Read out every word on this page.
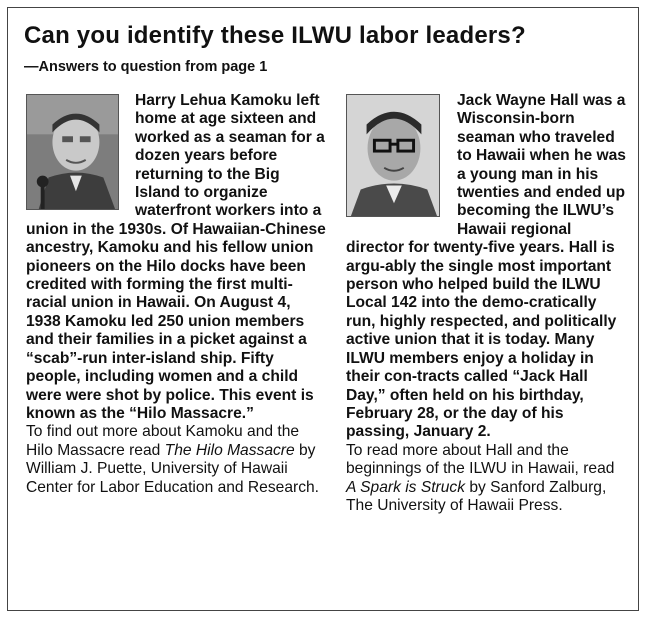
Can you identify these ILWU labor leaders?

—Answers to question from page 1

Harry Lehua Kamoku left home at age sixteen and worked as a seaman for a dozen years before returning to the Big Island to organize waterfront workers into a union in the 1930s. Of Hawaiian-Chinese ancestry, Kamoku and his fellow union pioneers on the Hilo docks have been credited with forming the first multi-racial union in Hawaii. On August 4, 1938 Kamoku led 250 union members and their families in a picket against a “scab”-run inter-island ship. Fifty people, including women and a child were were shot by police. This event is known as the “Hilo Massacre.”

To find out more about Kamoku and the Hilo Massacre read The Hilo Massacre by William J. Puette, University of Hawaii Center for Labor Education and Research.

Jack Wayne Hall was a Wisconsin-born seaman who traveled to Hawaii when he was a young man in his twenties and ended up becoming the ILWU’s Hawaii regional director for twenty-five years. Hall is argu-ably the single most important person who helped build the ILWU Local 142 into the demo-cratically run, highly respected, and politically active union that it is today. Many ILWU members enjoy a holiday in their con-tracts called “Jack Hall Day,” often held on his birthday, February 28, or the day of his passing, January 2.

To read more about Hall and the beginnings of the ILWU in Hawaii, read A Spark is Struck by Sanford Zalburg, The University of Hawaii Press.
